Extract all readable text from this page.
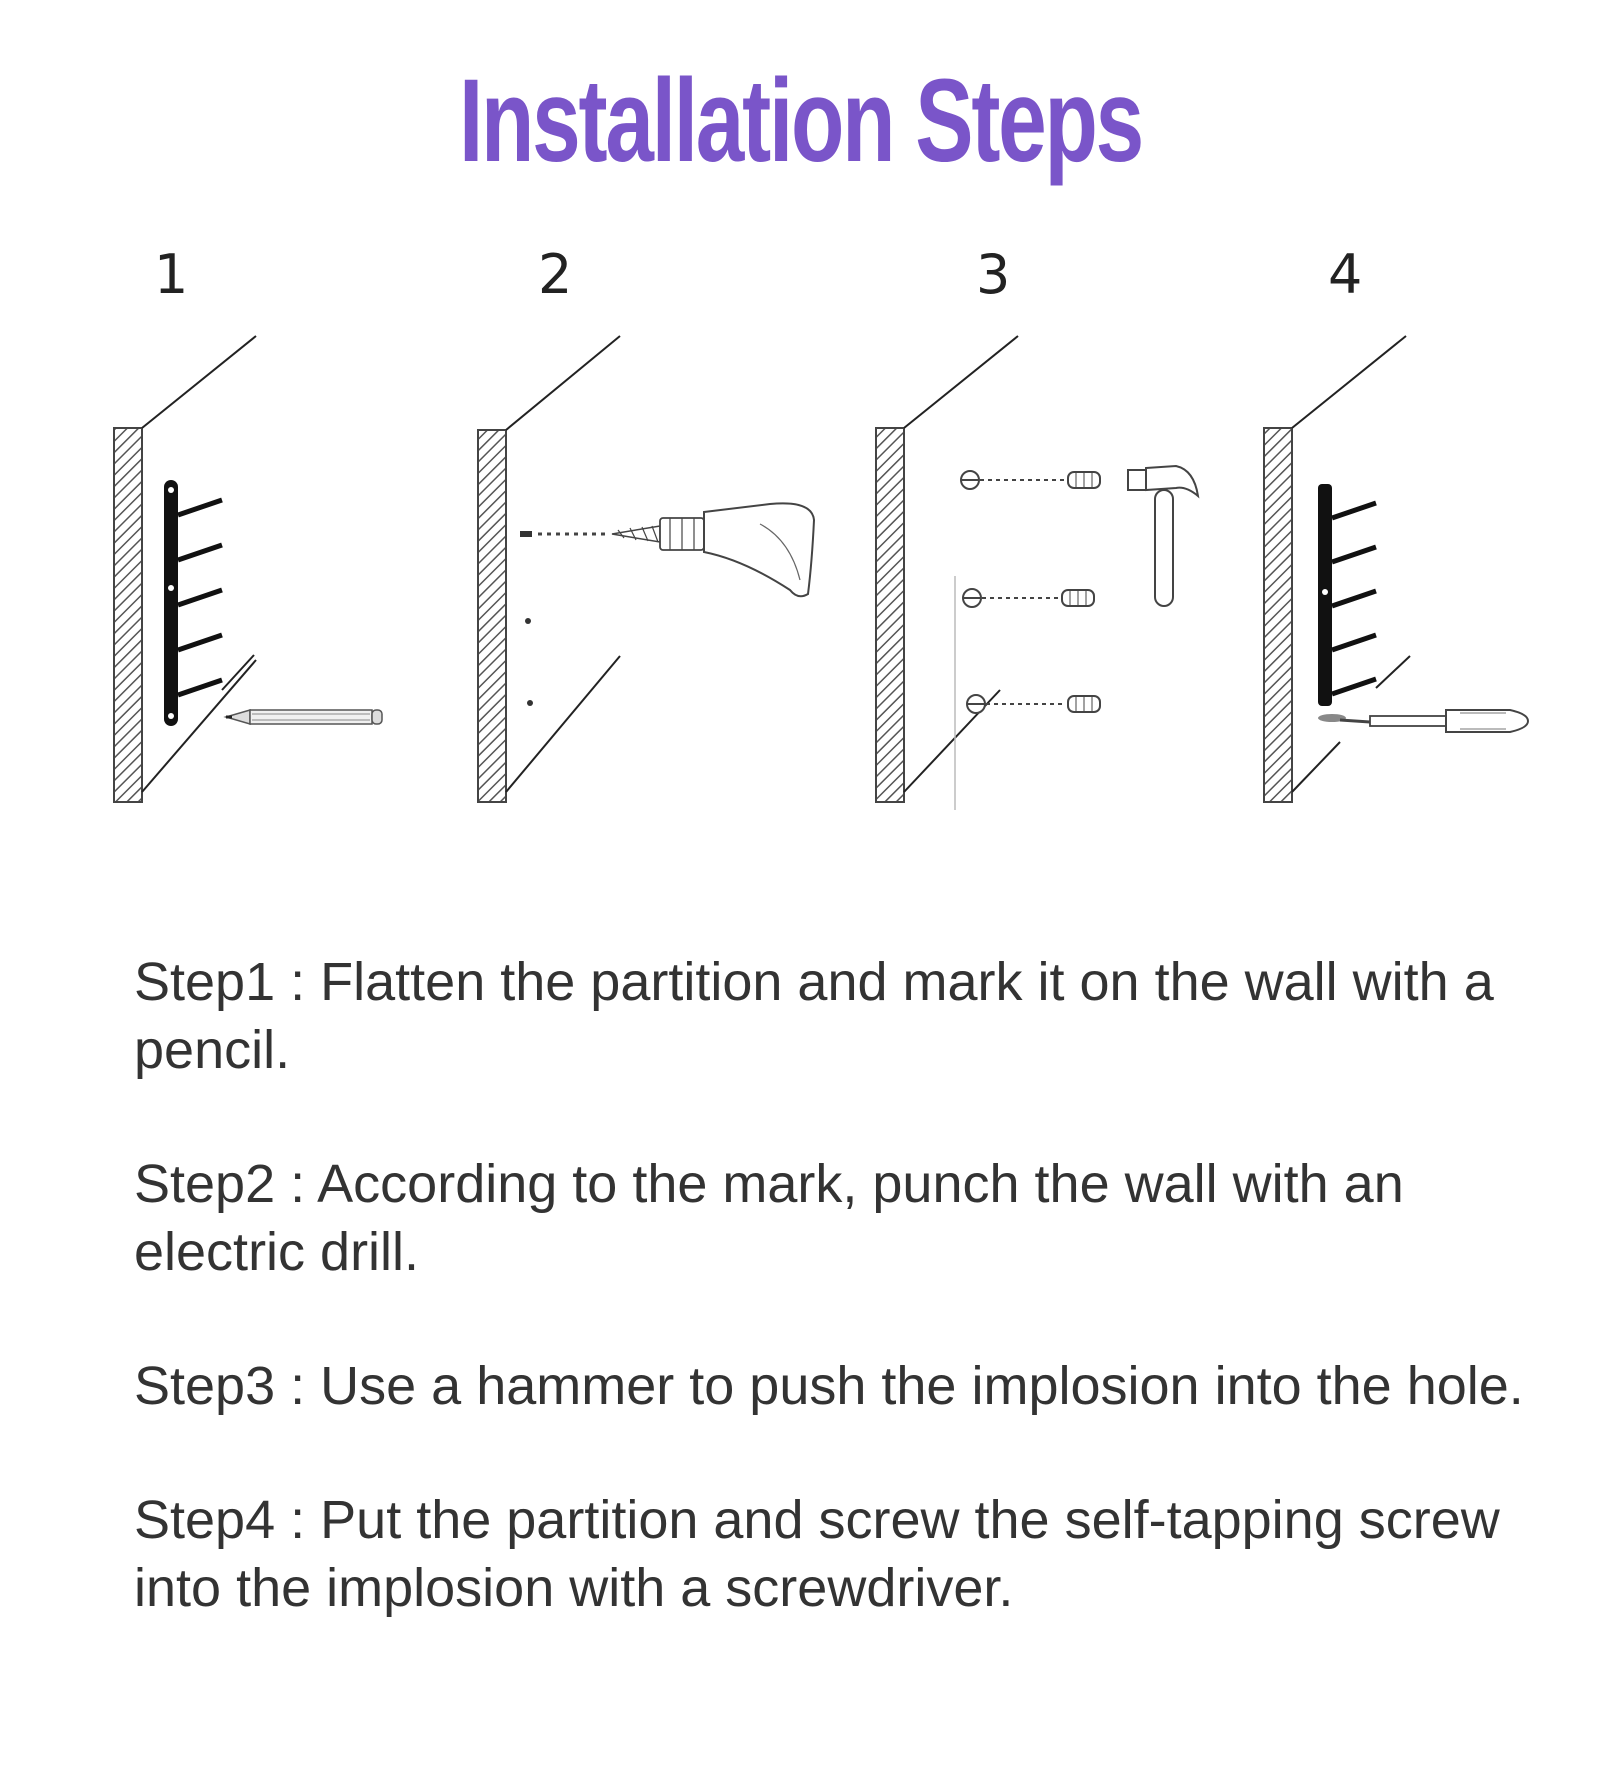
Installation Steps
1	2	3	4
Step1 : Flatten the partition and mark it on the wall with a pencil.
Step2 : According to the mark, punch the wall with an electric drill.
Step3 : Use a hammer to push the implosion into the hole.
Step4 : Put the partition and screw the self-tapping screw into the implosion with a screwdriver.
